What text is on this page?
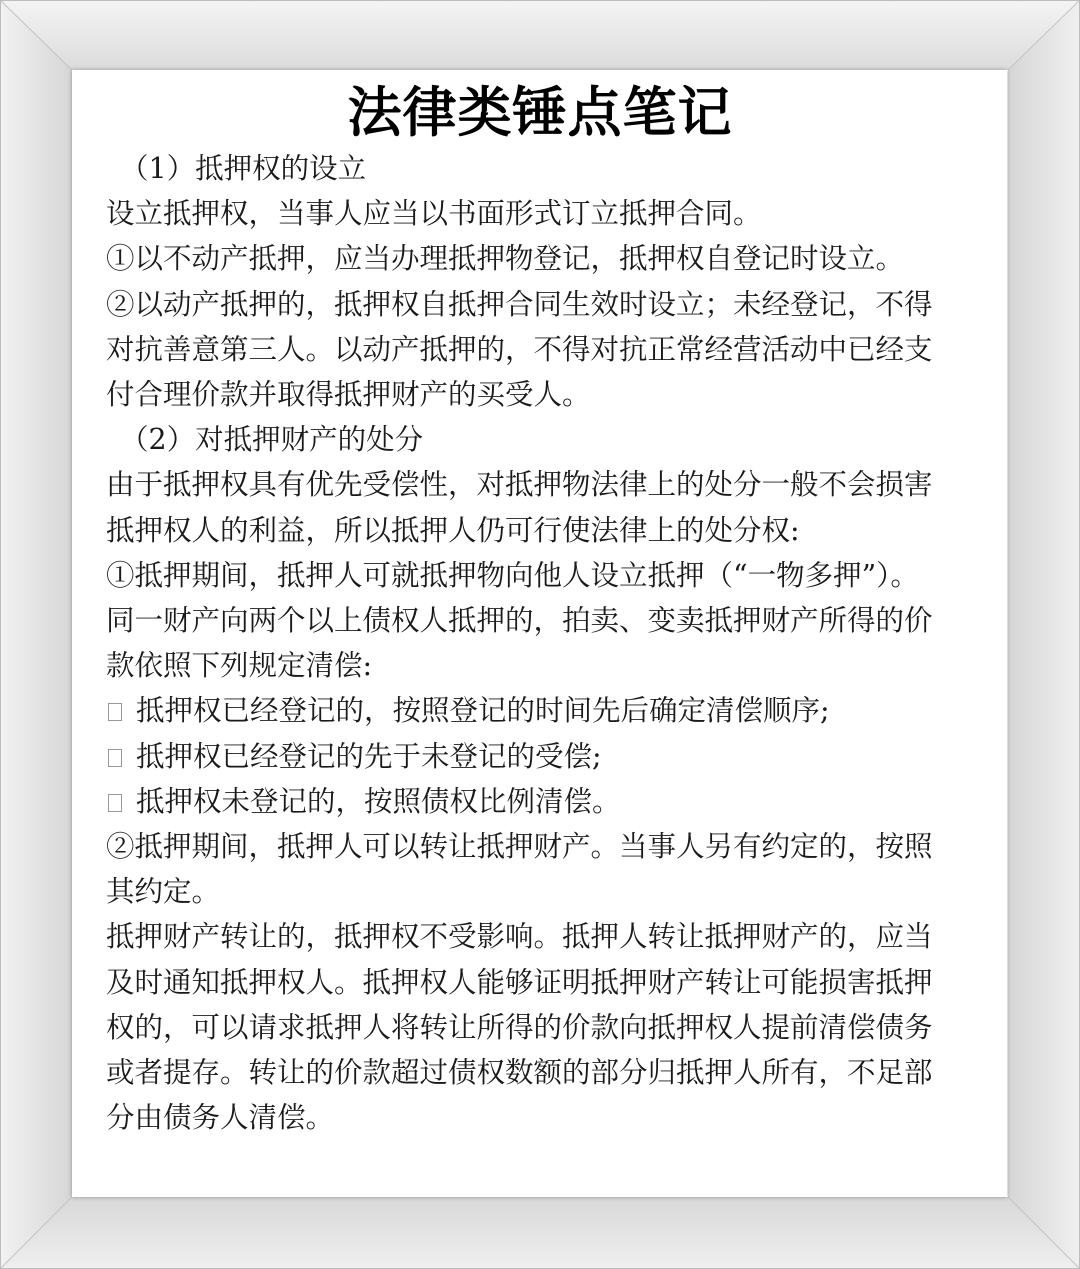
法律类锤点笔记

（1）抵押权的设立

设立抵押权，当事人应当以书面形式订立抵押合同。

①以不动产抵押，应当办理抵押物登记，抵押权自登记时设立。

②以动产抵押的，抵押权自抵押合同生效时设立；未经登记，不得对抗善意第三人。以动产抵押的，不得对抗正常经营活动中已经支付合理价款并取得抵押财产的买受人。

（2）对抵押财产的处分

由于抵押权具有优先受偿性，对抵押物法律上的处分一般不会损害抵押权人的利益，所以抵押人仍可行使法律上的处分权:

①抵押期间，抵押人可就抵押物向他人设立抵押（“一物多押”）。

同一财产向两个以上债权人抵押的，拍卖、变卖抵押财产所得的价款依照下列规定清偿:

抵押权已经登记的，按照登记的时间先后确定清偿顺序;

抵押权已经登记的先于未登记的受偿;

抵押权未登记的，按照债权比例清偿。

②抵押期间，抵押人可以转让抵押财产。当事人另有约定的，按照其约定。

抵押财产转让的，抵押权不受影响。抵押人转让抵押财产的，应当及时通知抵押权人。抵押权人能够证明抵押财产转让可能损害抵押权的，可以请求抵押人将转让所得的价款向抵押权人提前清偿债务或者提存。转让的价款超过债权数额的部分归抵押人所有，不足部分由债务人清偿。
